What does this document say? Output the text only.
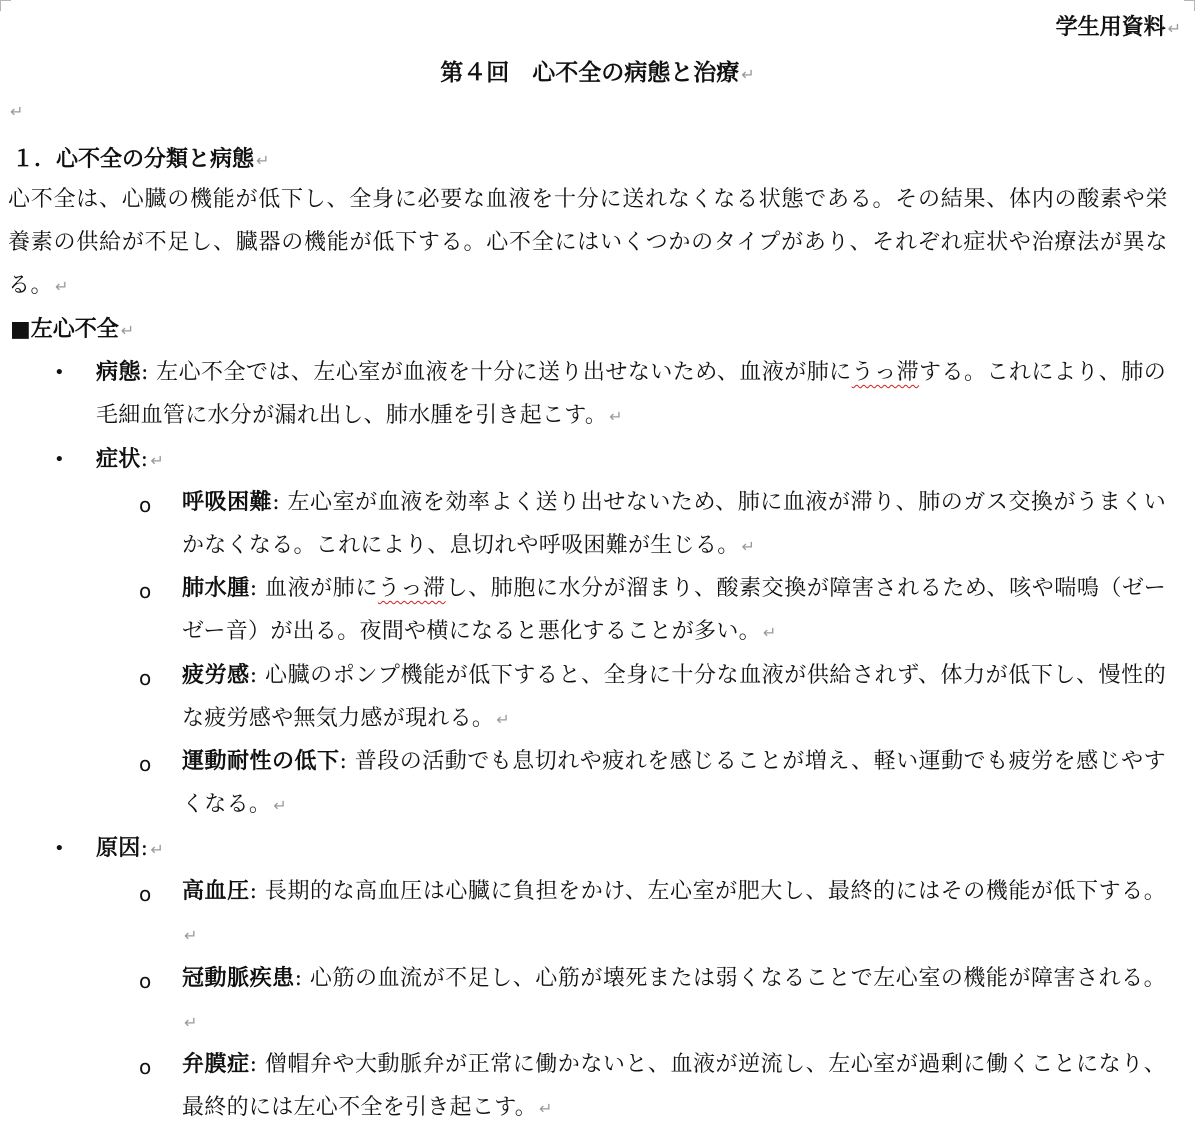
学生用資料 ↵
第４回　心不全の病態と治療 ↵
↵
１．心不全の分類と病態 ↵
心不全は、心臓の機能が低下し、全身に必要な血液を十分に送れなくなる状態である。その結果、体内の酸素や栄養素の供給が不足し、臓器の機能が低下する。心不全にはいくつかのタイプがあり、それぞれ症状や治療法が異なる。 ↵
■左心不全 ↵
• 病態: 左心不全では、左心室が血液を十分に送り出せないため、血液が肺にうっ滞する。これにより、肺の毛細血管に水分が漏れ出し、肺水腫を引き起こす。 ↵
• 症状: ↵
o 呼吸困難: 左心室が血液を効率よく送り出せないため、肺に血液が滞り、肺のガス交換がうまくいかなくなる。これにより、息切れや呼吸困難が生じる。 ↵
o 肺水腫: 血液が肺にうっ滞し、肺胞に水分が溜まり、酸素交換が障害されるため、咳や喘鳴（ゼーゼー音）が出る。夜間や横になると悪化することが多い。 ↵
o 疲労感: 心臓のポンプ機能が低下すると、全身に十分な血液が供給されず、体力が低下し、慢性的な疲労感や無気力感が現れる。 ↵
o 運動耐性の低下: 普段の活動でも息切れや疲れを感じることが増え、軽い運動でも疲労を感じやすくなる。 ↵
• 原因: ↵
o 高血圧: 長期的な高血圧は心臓に負担をかけ、左心室が肥大し、最終的にはその機能が低下する。↵
o 冠動脈疾患: 心筋の血流が不足し、心筋が壊死または弱くなることで左心室の機能が障害される。↵
o 弁膜症: 僧帽弁や大動脈弁が正常に働かないと、血液が逆流し、左心室が過剰に働くことになり、最終的には左心不全を引き起こす。 ↵
